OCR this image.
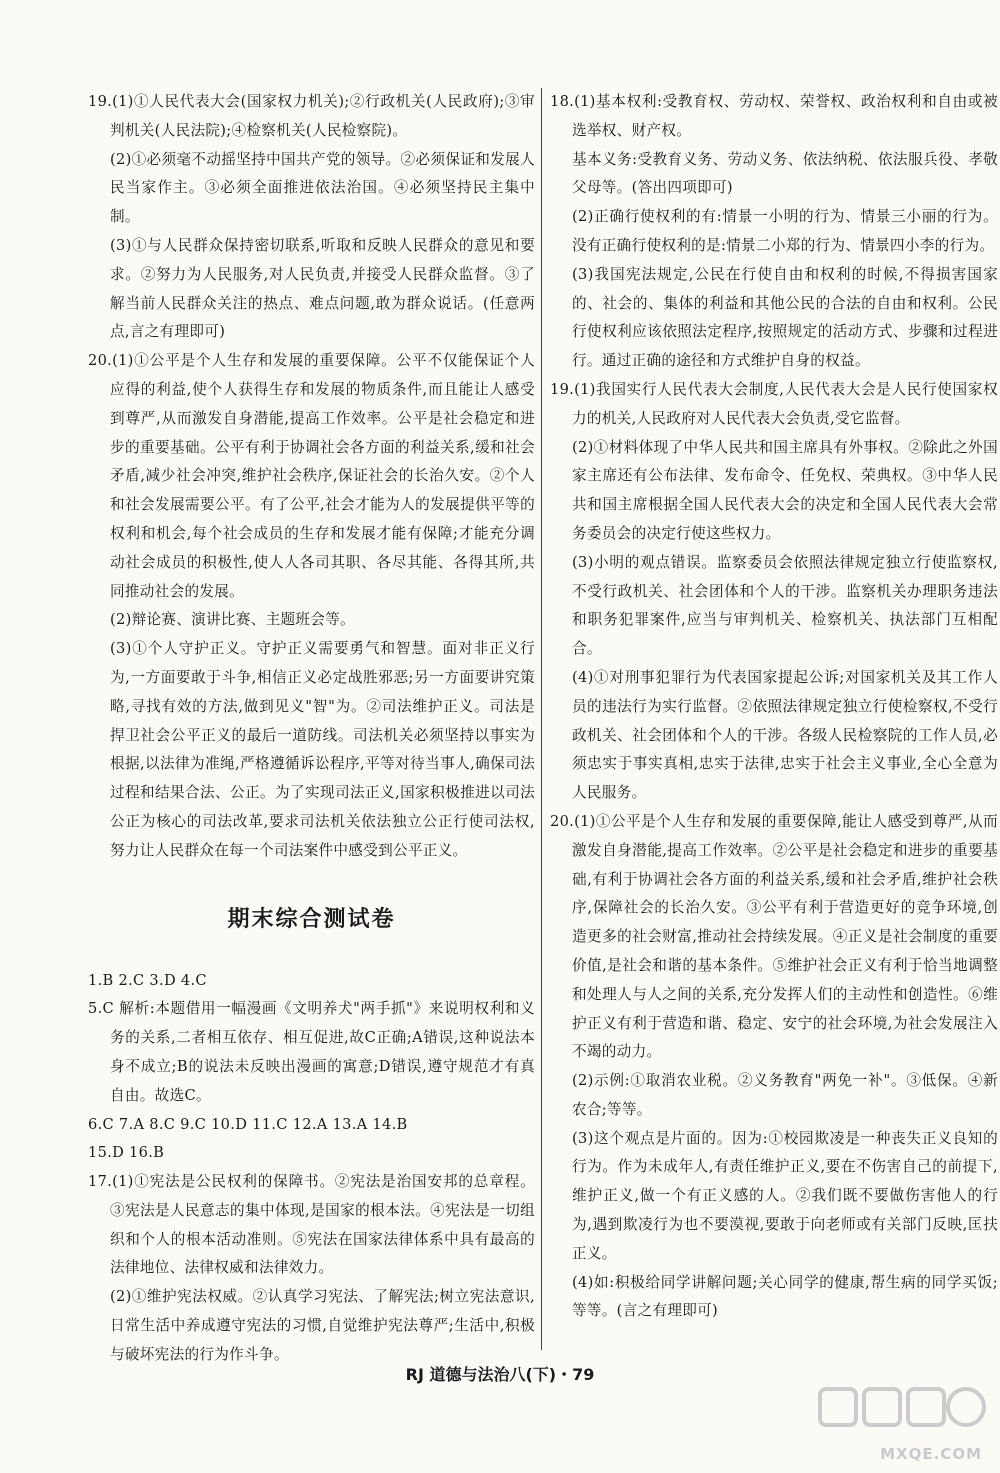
19.(1)①人民代表大会(国家权力机关);②行政机关(人民政府);③审判机关(人民法院);④检察机关(人民检察院)。

(2)①必须毫不动摇坚持中国共产党的领导。②必须保证和发展人民当家作主。③必须全面推进依法治国。④必须坚持民主集中制。

(3)①与人民群众保持密切联系,听取和反映人民群众的意见和要求。②努力为人民服务,对人民负责,并接受人民群众监督。③了解当前人民群众关注的热点、难点问题,敢为群众说话。(任意两点,言之有理即可)

20.(1)①公平是个人生存和发展的重要保障。公平不仅能保证个人应得的利益,使个人获得生存和发展的物质条件,而且能让人感受到尊严,从而激发自身潜能,提高工作效率。公平是社会稳定和进步的重要基础。公平有利于协调社会各方面的利益关系,缓和社会矛盾,减少社会冲突,维护社会秩序,保证社会的长治久安。②个人和社会发展需要公平。有了公平,社会才能为人的发展提供平等的权利和机会,每个社会成员的生存和发展才能有保障;才能充分调动社会成员的积极性,使人人各司其职、各尽其能、各得其所,共同推动社会的发展。

(2)辩论赛、演讲比赛、主题班会等。

(3)①个人守护正义。守护正义需要勇气和智慧。面对非正义行为,一方面要敢于斗争,相信正义必定战胜邪恶;另一方面要讲究策略,寻找有效的方法,做到见义"智"为。②司法维护正义。司法是捍卫社会公平正义的最后一道防线。司法机关必须坚持以事实为根据,以法律为准绳,严格遵循诉讼程序,平等对待当事人,确保司法过程和结果合法、公正。为了实现司法正义,国家积极推进以司法公正为核心的司法改革,要求司法机关依法独立公正行使司法权,努力让人民群众在每一个司法案件中感受到公平正义。

期末综合测试卷

1.B 2.C 3.D 4.C

5.C 解析:本题借用一幅漫画《文明养犬"两手抓"》来说明权利和义务的关系,二者相互依存、相互促进,故C正确;A错误,这种说法本身不成立;B的说法未反映出漫画的寓意;D错误,遵守规范才有真自由。故选C。

6.C 7.A 8.C 9.C 10.D 11.C 12.A 13.A 14.B

15.D 16.B

17.(1)①宪法是公民权利的保障书。②宪法是治国安邦的总章程。③宪法是人民意志的集中体现,是国家的根本法。④宪法是一切组织和个人的根本活动准则。⑤宪法在国家法律体系中具有最高的法律地位、法律权威和法律效力。

(2)①维护宪法权威。②认真学习宪法、了解宪法;树立宪法意识,日常生活中养成遵守宪法的习惯,自觉维护宪法尊严;生活中,积极与破坏宪法的行为作斗争。

18.(1)基本权利:受教育权、劳动权、荣誉权、政治权利和自由或被选举权、财产权。

基本义务:受教育义务、劳动义务、依法纳税、依法服兵役、孝敬父母等。(答出四项即可)

(2)正确行使权利的有:情景一小明的行为、情景三小丽的行为。没有正确行使权利的是:情景二小郑的行为、情景四小李的行为。

(3)我国宪法规定,公民在行使自由和权利的时候,不得损害国家的、社会的、集体的利益和其他公民的合法的自由和权利。公民行使权利应该依照法定程序,按照规定的活动方式、步骤和过程进行。通过正确的途径和方式维护自身的权益。

19.(1)我国实行人民代表大会制度,人民代表大会是人民行使国家权力的机关,人民政府对人民代表大会负责,受它监督。

(2)①材料体现了中华人民共和国主席具有外事权。②除此之外国家主席还有公布法律、发布命令、任免权、荣典权。③中华人民共和国主席根据全国人民代表大会的决定和全国人民代表大会常务委员会的决定行使这些权力。

(3)小明的观点错误。监察委员会依照法律规定独立行使监察权,不受行政机关、社会团体和个人的干涉。监察机关办理职务违法和职务犯罪案件,应当与审判机关、检察机关、执法部门互相配合。

(4)①对刑事犯罪行为代表国家提起公诉;对国家机关及其工作人员的违法行为实行监督。②依照法律规定独立行使检察权,不受行政机关、社会团体和个人的干涉。各级人民检察院的工作人员,必须忠实于事实真相,忠实于法律,忠实于社会主义事业,全心全意为人民服务。

20.(1)①公平是个人生存和发展的重要保障,能让人感受到尊严,从而激发自身潜能,提高工作效率。②公平是社会稳定和进步的重要基础,有利于协调社会各方面的利益关系,缓和社会矛盾,维护社会秩序,保障社会的长治久安。③公平有利于营造更好的竞争环境,创造更多的社会财富,推动社会持续发展。④正义是社会制度的重要价值,是社会和谐的基本条件。⑤维护社会正义有利于恰当地调整和处理人与人之间的关系,充分发挥人们的主动性和创造性。⑥维护正义有利于营造和谐、稳定、安宁的社会环境,为社会发展注入不竭的动力。

(2)示例:①取消农业税。②义务教育"两免一补"。③低保。④新农合;等等。

(3)这个观点是片面的。因为:①校园欺凌是一种丧失正义良知的行为。作为未成年人,有责任维护正义,要在不伤害自己的前提下,维护正义,做一个有正义感的人。②我们既不要做伤害他人的行为,遇到欺凌行为也不要漠视,要敢于向老师或有关部门反映,匡扶正义。

(4)如:积极给同学讲解问题;关心同学的健康,帮生病的同学买饭;等等。(言之有理即可)

RJ 道德与法治八(下)・79
MXQE.COM
